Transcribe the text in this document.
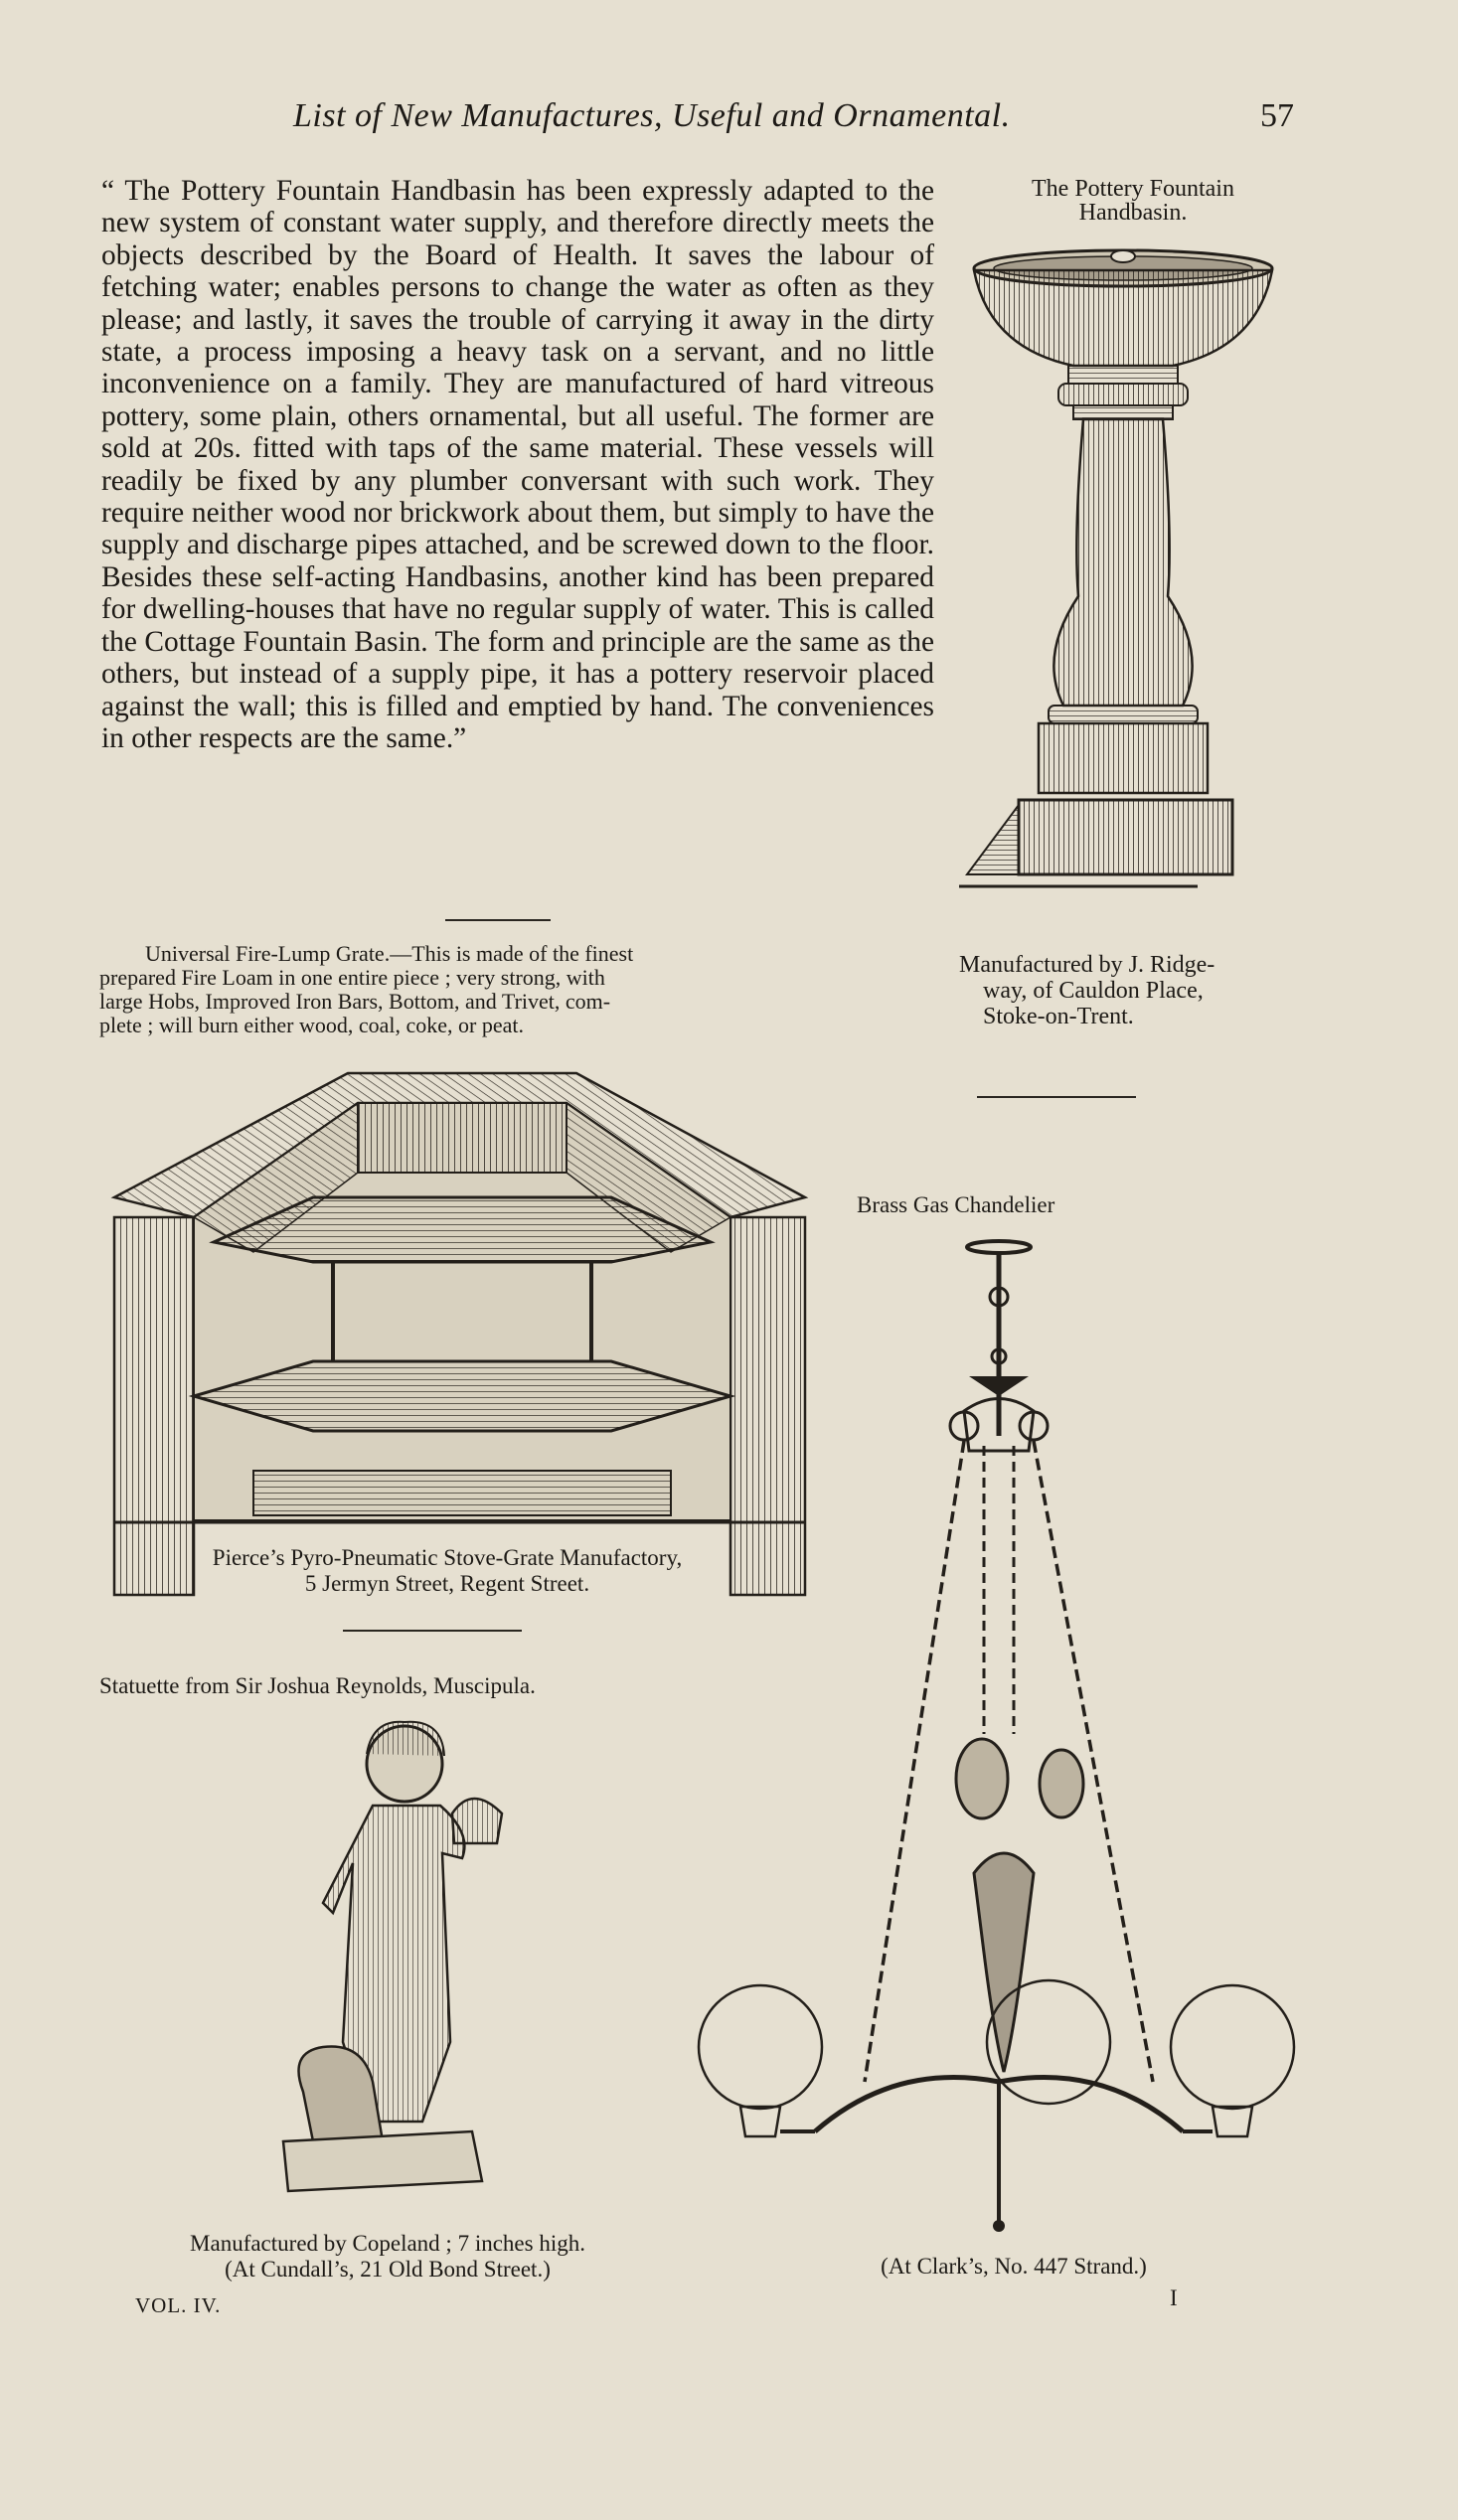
List of New Manufactures, Useful and Ornamental.	57
“ The Pottery Fountain Handbasin has been expressly adapted to the new system of constant water supply, and therefore directly meets the objects described by the Board of Health. It saves the labour of fetching water; enables persons to change the water as often as they please; and lastly, it saves the trouble of carrying it away in the dirty state, a process imposing a heavy task on a servant, and no little inconvenience on a family. They are manufactured of hard vitreous pottery, some plain, others ornamental, but all useful. The former are sold at 20s. fitted with taps of the same material. These vessels will readily be fixed by any plumber conversant with such work. They require neither wood nor brickwork about them, but simply to have the supply and discharge pipes attached, and be screwed down to the floor. Besides these self-acting Handbasins, another kind has been prepared for dwelling-houses that have no regular supply of water. This is called the Cottage Fountain Basin. The form and principle are the same as the others, but instead of a supply pipe, it has a pottery reservoir placed against the wall; this is filled and emptied by hand. The conveniences in other respects are the same.”
The Pottery Fountain
Handbasin.
Manufactured by J. Ridge-
way, of Cauldon Place,
Stoke-on-Trent.
Universal Fire-Lump Grate.—This is made of the finest
prepared Fire Loam in one entire piece ; very strong, with
large Hobs, Improved Iron Bars, Bottom, and Trivet, com-
plete ; will burn either wood, coal, coke, or peat.
Pierce’s Pyro-Pneumatic Stove-Grate Manufactory,
5 Jermyn Street, Regent Street.
Statuette from Sir Joshua Reynolds, Muscipula.
Manufactured by Copeland ; 7 inches high.
(At Cundall’s, 21 Old Bond Street.)
Brass Gas Chandelier
(At Clark’s, No. 447 Strand.)
VOL. IV.	I
